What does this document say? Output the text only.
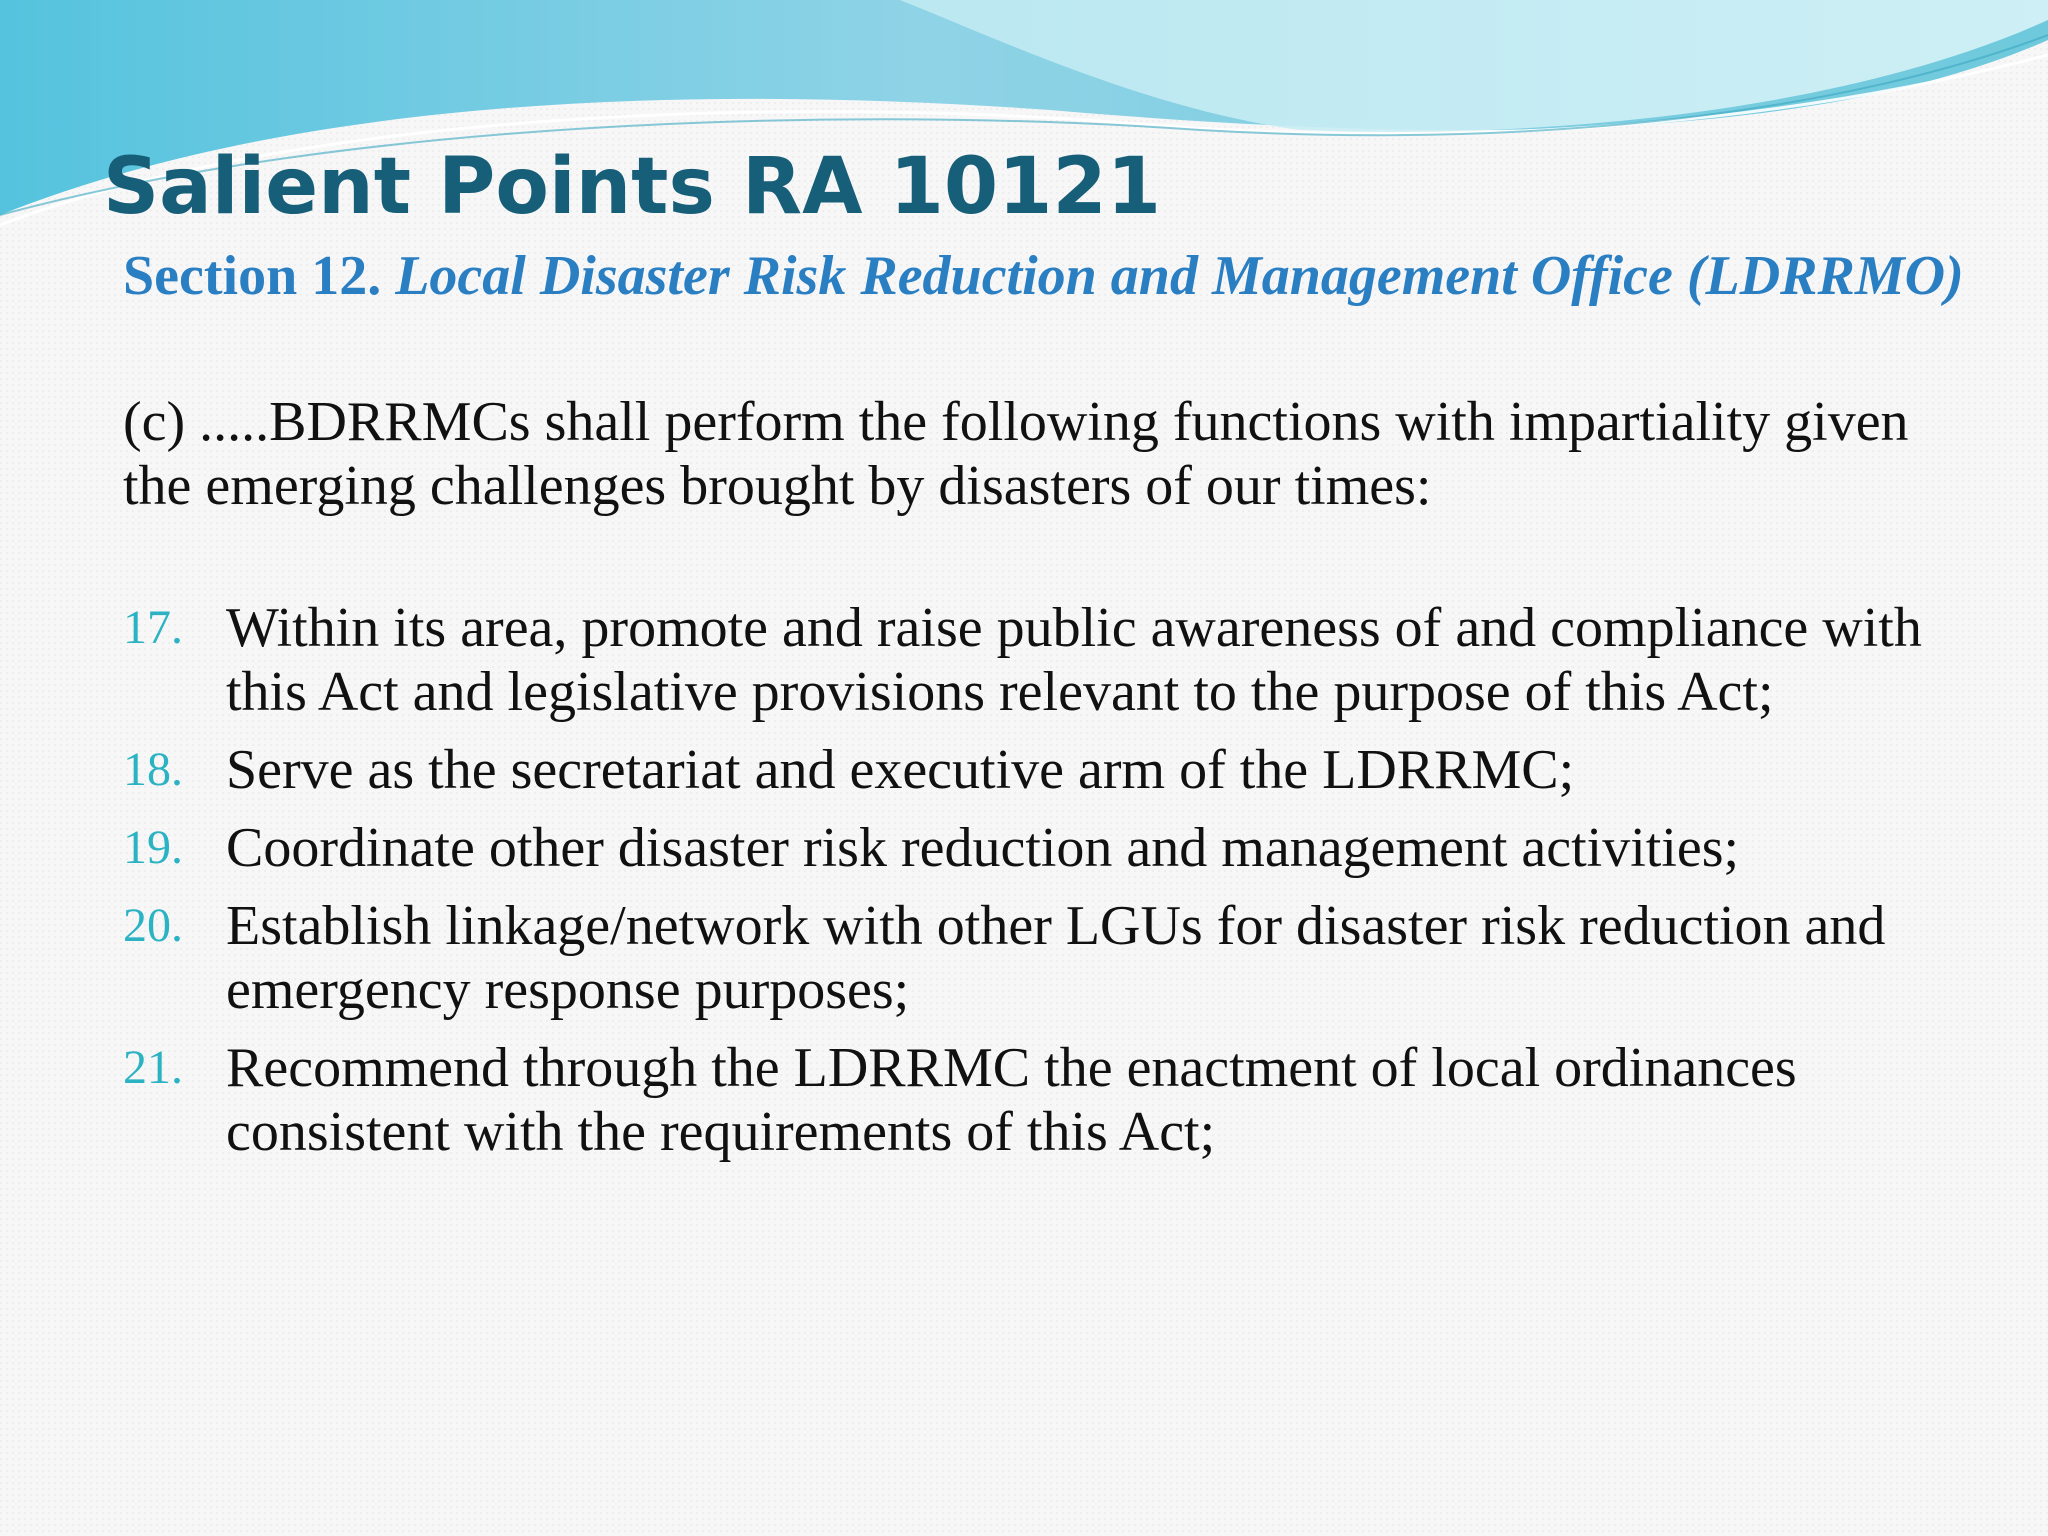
Salient Points RA 10121
Section 12. Local Disaster Risk Reduction and Management Office (LDRRMO)

(c) .....BDRRMCs shall perform the following functions with impartiality given the emerging challenges brought by disasters of our times:

17. Within its area, promote and raise public awareness of and compliance with this Act and legislative provisions relevant to the purpose of this Act;
18. Serve as the secretariat and executive arm of the LDRRMC;
19. Coordinate other disaster risk reduction and management activities;
20. Establish linkage/network with other LGUs for disaster risk reduction and emergency response purposes;
21. Recommend through the LDRRMC the enactment of local ordinances consistent with the requirements of this Act;
